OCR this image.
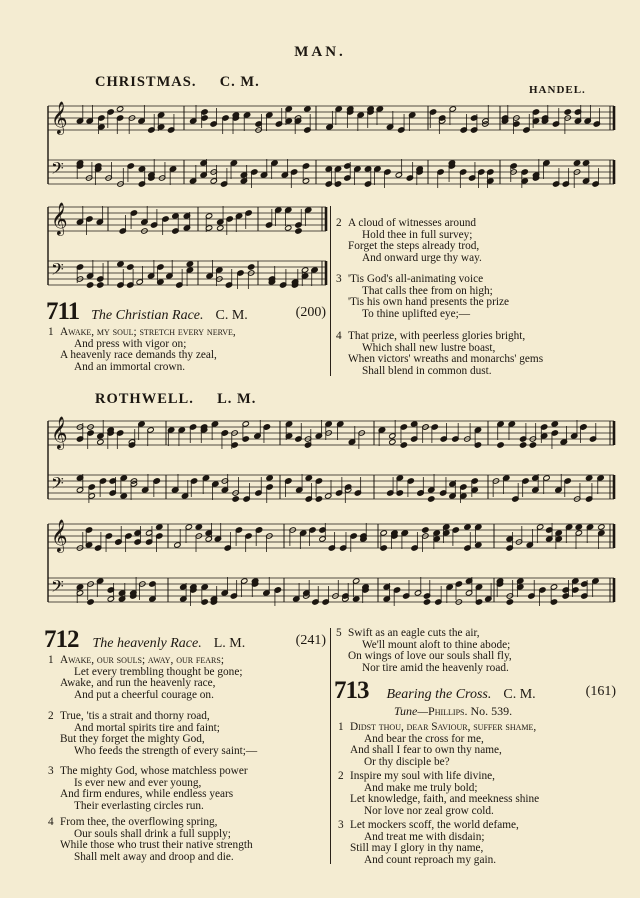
MAN.
CHRISTMAS. C. M.	HANDEL.
𝄞
𝄢
𝄞
𝄢
𝄞
𝄢
𝄞
𝄢
711 The Christian Race. C. M.	(200)
1 Awake, my soul; stretch every nerve,
And press with vigor on;
A heavenly race demands thy zeal,
And an immortal crown.
2 A cloud of witnesses around
Hold thee in full survey;
Forget the steps already trod,
And onward urge thy way.
3 'Tis God's all-animating voice
That calls thee from on high;
'Tis his own hand presents the prize
To thine uplifted eye;—
4 That prize, with peerless glories bright,
Which shall new lustre boast,
When victors' wreaths and monarchs' gems
Shall blend in common dust.
ROTHWELL. L. M.
712 The heavenly Race. L. M.	(241)
1 Awake, our souls; away, our fears;
Let every trembling thought be gone;
Awake, and run the heavenly race,
And put a cheerful courage on.
2 True, 'tis a strait and thorny road,
And mortal spirits tire and faint;
But they forget the mighty God,
Who feeds the strength of every saint;—
3 The mighty God, whose matchless power
Is ever new and ever young,
And firm endures, while endless years
Their everlasting circles run.
4 From thee, the overflowing spring,
Our souls shall drink a full supply;
While those who trust their native strength
Shall melt away and droop and die.
5 Swift as an eagle cuts the air,
We'll mount aloft to thine abode;
On wings of love our souls shall fly,
Nor tire amid the heavenly road.
713 Bearing the Cross. C. M.	(161)
Tune—Phillips. No. 539.
1 Didst thou, dear Saviour, suffer shame,
And bear the cross for me,
And shall I fear to own thy name,
Or thy disciple be?
2 Inspire my soul with life divine,
And make me truly bold;
Let knowledge, faith, and meekness shine
Nor love nor zeal grow cold.
3 Let mockers scoff, the world defame,
And treat me with disdain;
Still may I glory in thy name,
And count reproach my gain.
